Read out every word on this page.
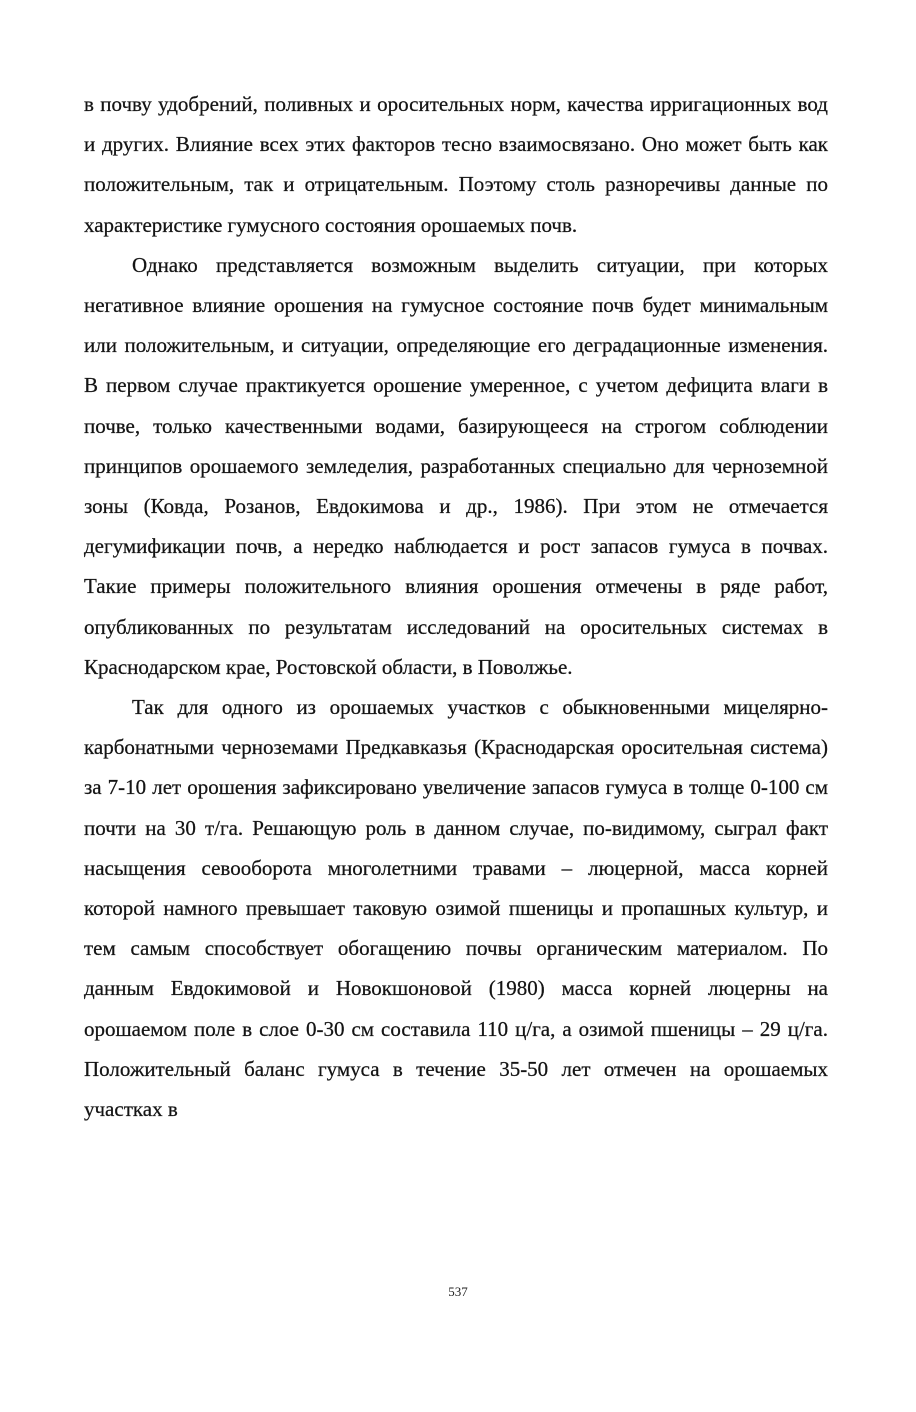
в почву удобрений, поливных и оросительных норм, качества ирригационных вод и других. Влияние всех этих факторов тесно взаимосвязано. Оно может быть как положительным, так и отрицательным. Поэтому столь разноречивы данные по характеристике гумусного состояния орошаемых почв.

Однако представляется возможным выделить ситуации, при которых негативное влияние орошения на гумусное состояние почв будет минимальным или положительным, и ситуации, определяющие его деградационные изменения. В первом случае практикуется орошение умеренное, с учетом дефицита влаги в почве, только качественными водами, базирующееся на строгом соблюдении принципов орошаемого земледелия, разработанных специально для черноземной зоны (Ковда, Розанов, Евдокимова и др., 1986). При этом не отмечается дегумификации почв, а нередко наблюдается и рост запасов гумуса в почвах. Такие примеры положительного влияния орошения отмечены в ряде работ, опубликованных по результатам исследований на оросительных системах в Краснодарском крае, Ростовской области, в Поволжье.

Так для одного из орошаемых участков с обыкновенными мицелярно-карбонатными черноземами Предкавказья (Краснодарская оросительная система) за 7-10 лет орошения зафиксировано увеличение запасов гумуса в толще 0-100 см почти на 30 т/га. Решающую роль в данном случае, по-видимому, сыграл факт насыщения севооборота многолетними травами – люцерной, масса корней которой намного превышает таковую озимой пшеницы и пропашных культур, и тем самым способствует обогащению почвы органическим материалом. По данным Евдокимовой и Новокшоновой (1980) масса корней люцерны на орошаемом поле в слое 0-30 см составила 110 ц/га, а озимой пшеницы – 29 ц/га. Положительный баланс гумуса в течение 35-50 лет отмечен на орошаемых участках в

537
